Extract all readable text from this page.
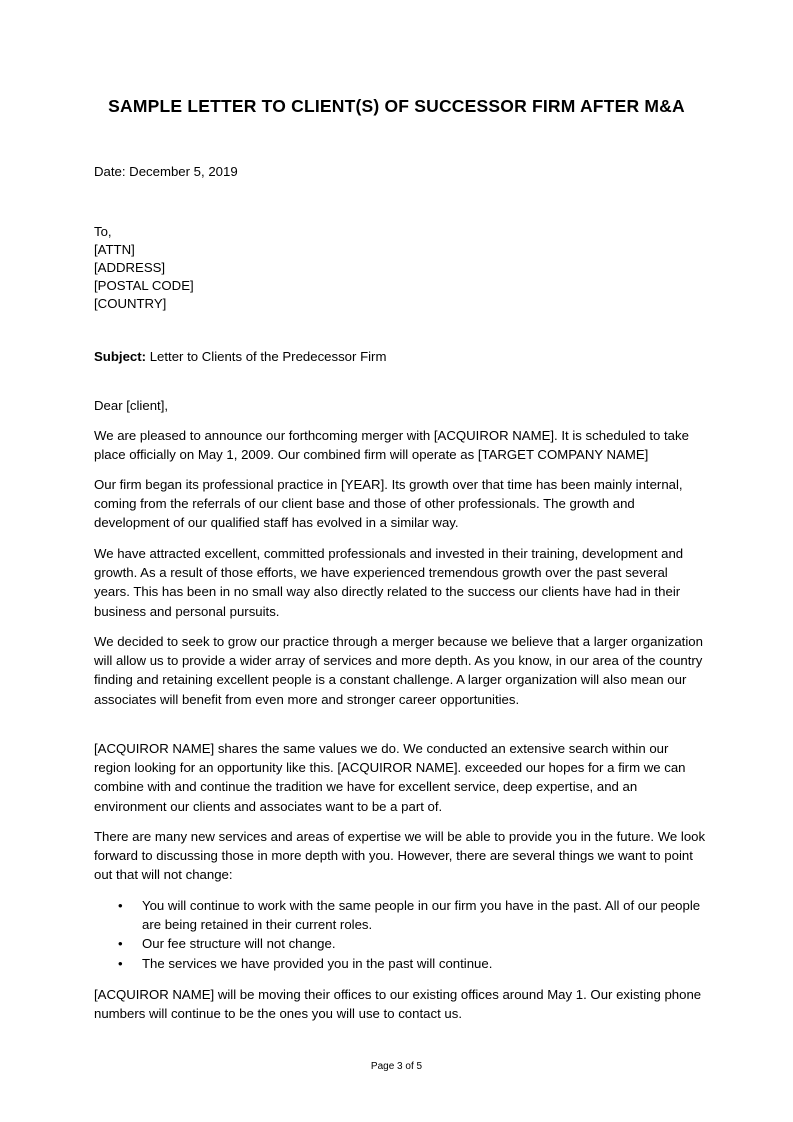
SAMPLE LETTER TO CLIENT(S) OF SUCCESSOR FIRM AFTER M&A
Date: December 5, 2019
To,
[ATTN]
[ADDRESS]
[POSTAL CODE]
[COUNTRY]
Subject: Letter to Clients of the Predecessor Firm
Dear [client],

We are pleased to announce our forthcoming merger with [ACQUIROR NAME]. It is scheduled to take place officially on May 1, 2009. Our combined firm will operate as [TARGET COMPANY NAME]

Our firm began its professional practice in [YEAR]. Its growth over that time has been mainly internal, coming from the referrals of our client base and those of other professionals. The growth and development of our qualified staff has evolved in a similar way.

We have attracted excellent, committed professionals and invested in their training, development and growth. As a result of those efforts, we have experienced tremendous growth over the past several years. This has been in no small way also directly related to the success our clients have had in their business and personal pursuits.

We decided to seek to grow our practice through a merger because we believe that a larger organization will allow us to provide a wider array of services and more depth. As you know, in our area of the country finding and retaining excellent people is a constant challenge. A larger organization will also mean our associates will benefit from even more and stronger career opportunities.

[ACQUIROR NAME] shares the same values we do. We conducted an extensive search within our region looking for an opportunity like this. [ACQUIROR NAME]. exceeded our hopes for a firm we can combine with and continue the tradition we have for excellent service, deep expertise, and an environment our clients and associates want to be a part of.

There are many new services and areas of expertise we will be able to provide you in the future. We look forward to discussing those in more depth with you. However, there are several things we want to point out that will not change:

• You will continue to work with the same people in our firm you have in the past. All of our people are being retained in their current roles.
• Our fee structure will not change.
• The services we have provided you in the past will continue.

[ACQUIROR NAME] will be moving their offices to our existing offices around May 1. Our existing phone numbers will continue to be the ones you will use to contact us.

Page 3 of 5
